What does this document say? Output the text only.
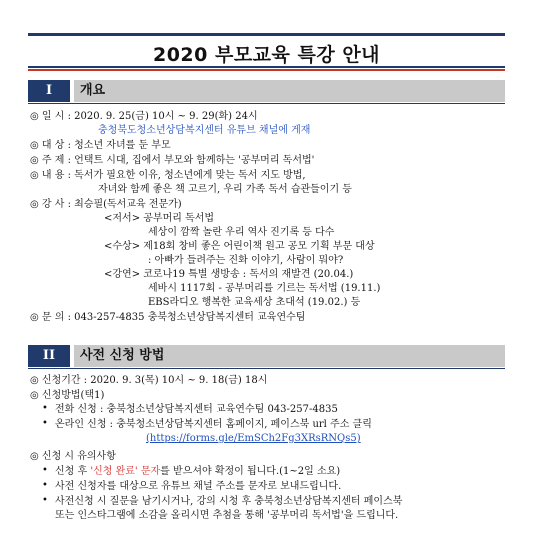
2020 부모교육 특강 안내
I	개요
◎ 일 시 : 2020. 9. 25(금) 10시 ~ 9. 29(화) 24시
충청북도청소년상담복지센터 유튜브 채널에 게재
◎ 대 상 : 청소년 자녀를 둔 부모
◎ 주 제 : 언택트 시대, 집에서 부모와 함께하는 '공부머리 독서법'
◎ 내 용 : 독서가 필요한 이유, 청소년에게 맞는 독서 지도 방법,
자녀와 함께 좋은 책 고르기, 우리 가족 독서 습관들이기 등
◎ 강 사 : 최승필(독서교육 전문가)
<저서> 공부머리 독서법
세상이 깜짝 놀란 우리 역사 진기록 등 다수
<수상> 제18회 창비 좋은 어린이책 원고 공모 기획 부문 대상
: 아빠가 들려주는 진화 이야기, 사람이 뭐야?
<강연> 코로나19 특별 생방송 : 독서의 재발견 (20.04.)
세바시 1117회 - 공부머리를 기르는 독서법 (19.11.)
EBS라디오 행복한 교육세상 초대석 (19.02.) 등
◎ 문 의 : 043-257-4835 충북청소년상담복지센터 교육연수팀
II	사전 신청 방법
◎ 신청기간 : 2020. 9. 3(목) 10시 ~ 9. 18(금) 18시
◎ 신청방법(택1)
• 전화 신청 : 충북청소년상담복지센터 교육연수팀 043-257-4835
• 온라인 신청 : 충북청소년상담복지센터 홈페이지, 페이스북 url 주소 클릭
(https://forms.gle/EmSCh2Fg3XRsRNQs5)
◎ 신청 시 유의사항
• 신청 후 '신청 완료' 문자를 받으셔야 확정이 됩니다.(1~2일 소요)
• 사전 신청자를 대상으로 유튜브 채널 주소를 문자로 보내드립니다.
• 사전신청 시 질문을 남기시거나, 강의 시청 후 충북청소년상담복지센터 페이스북
또는 인스타그램에 소감을 올리시면 추첨을 통해 '공부머리 독서법'을 드립니다.
